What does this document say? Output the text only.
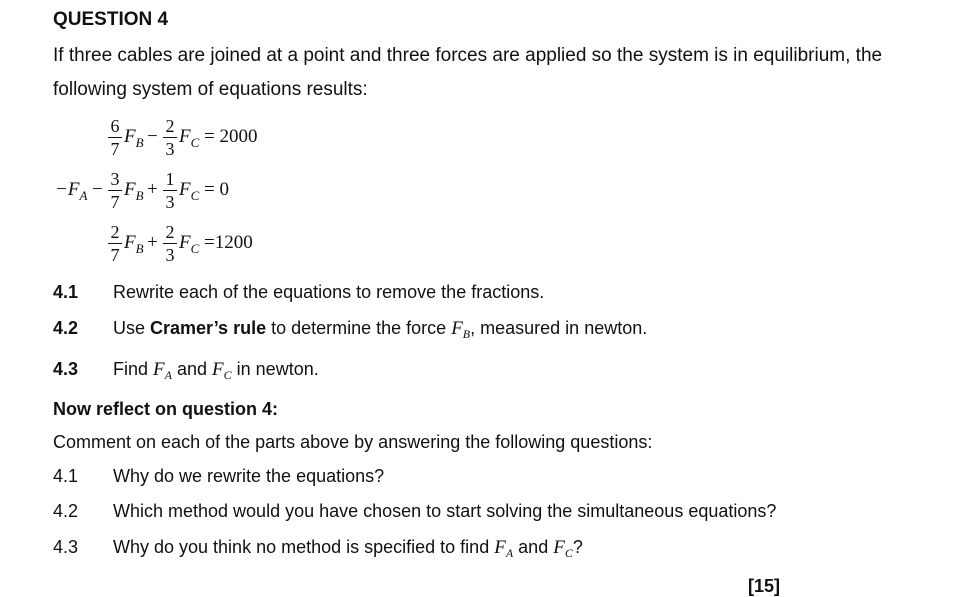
QUESTION 4
If three cables are joined at a point and three forces are applied so the system is in equilibrium, the
following system of equations results:
6
7
$F_B - 2$
3
$F_C = 2000$
$-F_A - 3$
7
$F_B + 1$
3
$F_C = 0$
2
7
$F_B + 2$
3
$F_C =1200$
4.1 Rewrite each of the equations to remove the fractions.
4.2 Use Cramer’s rule to determine the force $F_B$, measured in newton.
4.3 Find $F_A$ and $F_C$ in newton.
Now reflect on question 4:
Comment on each of the parts above by answering the following questions:
4.1 Why do we rewrite the equations?
4.2 Which method would you have chosen to start solving the simultaneous equations?
4.3 Why do you think no method is specified to find $F_A$ and $F_C$?
[15]
